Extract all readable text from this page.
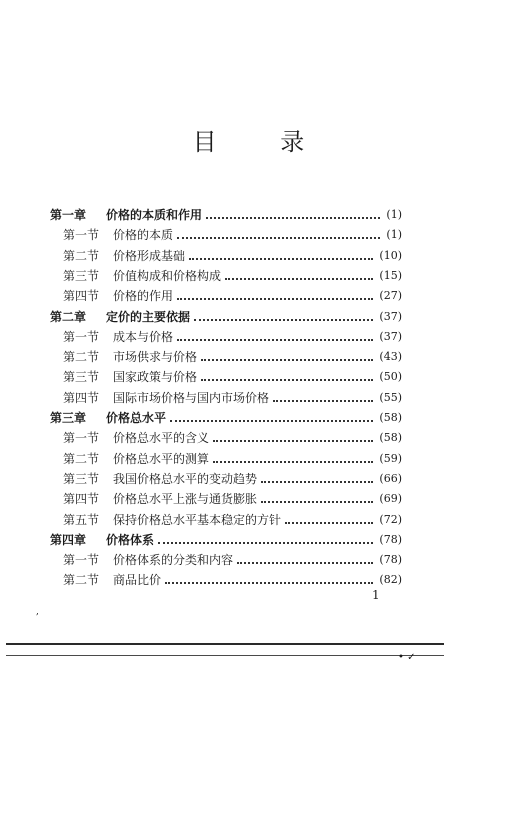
目 录
第一章	价格的本质和作用	(1)
第一节	价格的本质	(1)
第二节	价格形成基础	(10)
第三节	价值构成和价格构成	(15)
第四节	价格的作用	(27)
第二章	定价的主要依据	(37)
第一节	成本与价格	(37)
第二节	市场供求与价格	(43)
第三节	国家政策与价格	(50)
第四节	国际市场价格与国内市场价格	(55)
第三章	价格总水平	(58)
第一节	价格总水平的含义	(58)
第二节	价格总水平的测算	(59)
第三节	我国价格总水平的变动趋势	(66)
第四节	价格总水平上涨与通货膨胀	(69)
第五节	保持价格总水平基本稳定的方针	(72)
第四章	价格体系	(78)
第一节	价格体系的分类和内容	(78)
第二节	商品比价	(82)
1
,
• ✓
